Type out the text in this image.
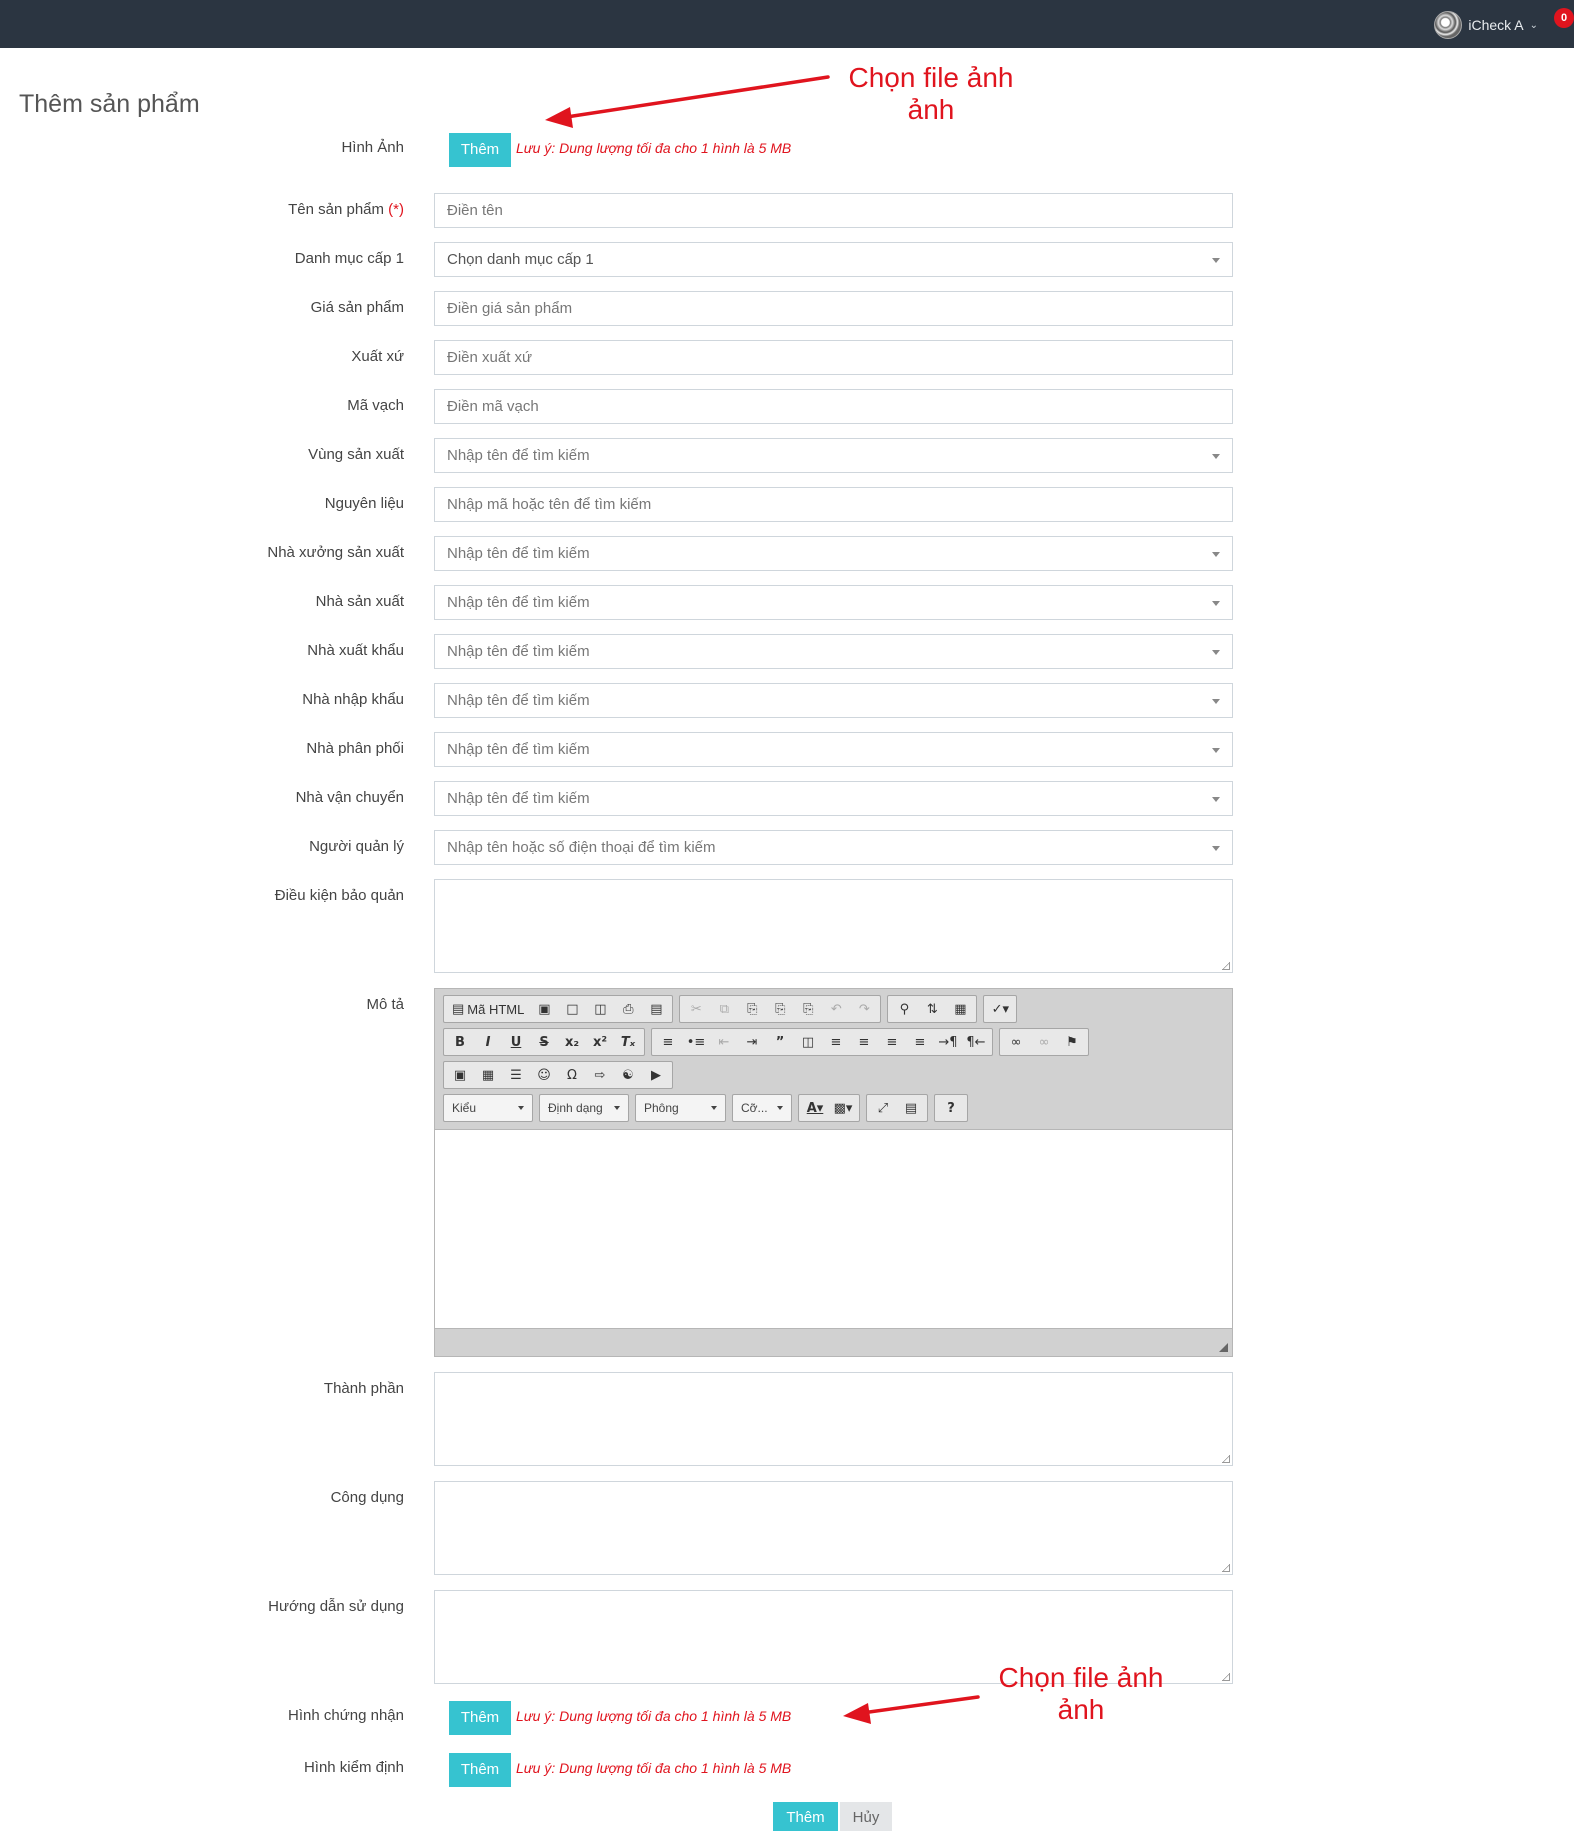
iCheck A ⌄
0
Thêm sản phẩm
Hình Ảnh	Thêm	Lưu ý: Dung lượng tối đa cho 1 hình là 5 MB
Tên sản phẩm (*)	Điền tên
Danh mục cấp 1	Chọn danh mục cấp 1
Giá sản phẩm	Điền giá sản phẩm
Xuất xứ	Điền xuất xứ
Mã vạch	Điền mã vạch
Vùng sản xuất	Nhập tên để tìm kiếm
Nguyên liệu	Nhập mã hoặc tên để tìm kiếm
Nhà xưởng sản xuất	Nhập tên để tìm kiếm
Nhà sản xuất	Nhập tên để tìm kiếm
Nhà xuất khẩu	Nhập tên để tìm kiếm
Nhà nhập khẩu	Nhập tên để tìm kiếm
Nhà phân phối	Nhập tên để tìm kiếm
Nhà vận chuyển	Nhập tên để tìm kiếm
Người quản lý	Nhập tên hoặc số điện thoại để tìm kiếm
Điều kiện bảo quản
Mô tả	▤ Mã HTML	▣	□	◫	⎙	▤	✂	⧉	⎘	⎘	⎘	↶	↷	⚲	⇅	▦	✓▾
B	I	U	S	x₂	x²	Tₓ	≡	•≡	⇤	⇥	”	◫	≡	≡	≡	≡ →¶ ¶←	∞	∞	⚑
▣	▦	☰	☺	Ω	⇨	☯	▶
Kiểu	Định dạng	Phông	Cỡ...	A▾ ▩▾	⤢	▤	?
Thành phần
Công dụng
Hướng dẫn sử dụng
Hình chứng nhận	Thêm	Lưu ý: Dung lượng tối đa cho 1 hình là 5 MB
Hình kiểm định	Thêm	Lưu ý: Dung lượng tối đa cho 1 hình là 5 MB
Thêm	Hủy
Chọn file ảnh
ảnh
Chọn file ảnh
ảnh
